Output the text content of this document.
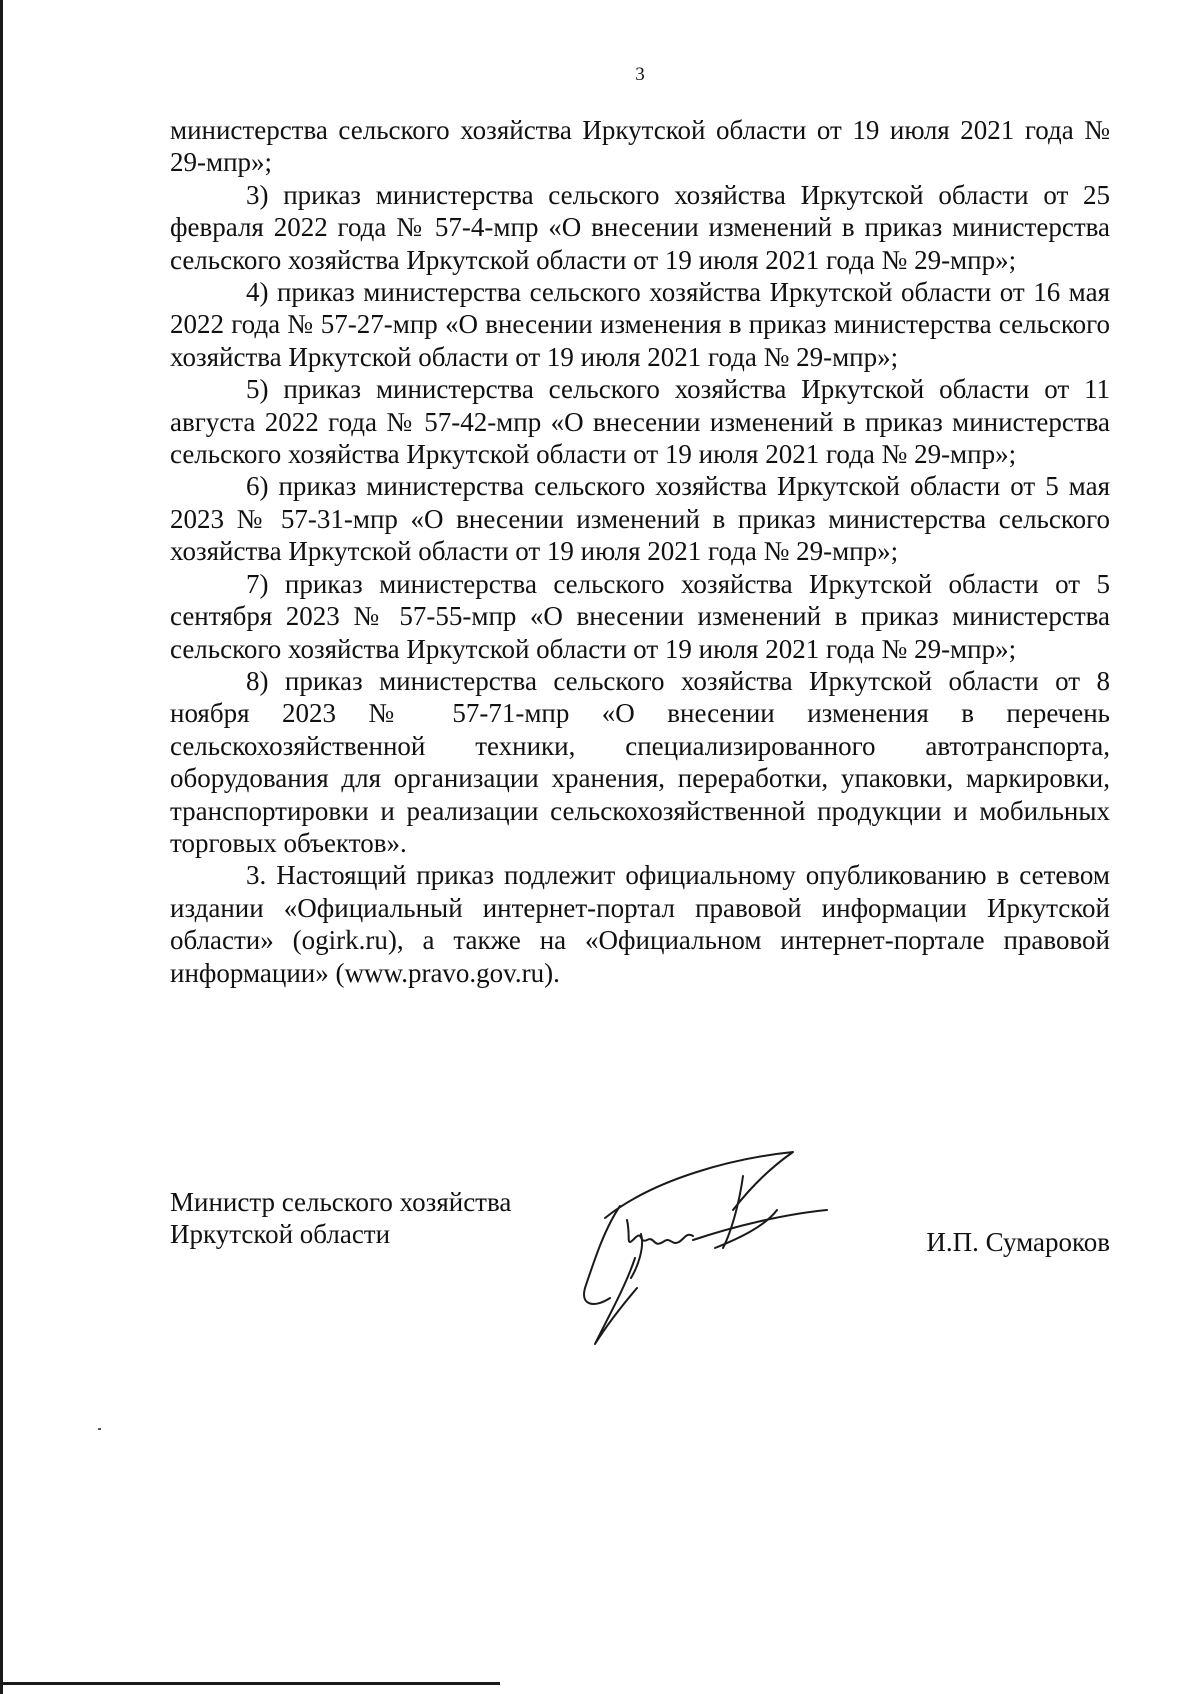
3

министерства сельского хозяйства Иркутской области от 19 июля 2021 года № 29-мпр»;

3) приказ министерства сельского хозяйства Иркутской области от 25 февраля 2022 года № 57-4-мпр «О внесении изменений в приказ министерства сельского хозяйства Иркутской области от 19 июля 2021 года № 29-мпр»;

4) приказ министерства сельского хозяйства Иркутской области от 16 мая 2022 года № 57-27-мпр «О внесении изменения в приказ министерства сельского хозяйства Иркутской области от 19 июля 2021 года № 29-мпр»;

5) приказ министерства сельского хозяйства Иркутской области от 11 августа 2022 года № 57-42-мпр «О внесении изменений в приказ министерства сельского хозяйства Иркутской области от 19 июля 2021 года № 29-мпр»;

6) приказ министерства сельского хозяйства Иркутской области от 5 мая 2023 № 57-31-мпр «О внесении изменений в приказ министерства сельского хозяйства Иркутской области от 19 июля 2021 года № 29-мпр»;

7) приказ министерства сельского хозяйства Иркутской области от 5 сентября 2023 № 57-55-мпр «О внесении изменений в приказ министерства сельского хозяйства Иркутской области от 19 июля 2021 года № 29-мпр»;

8) приказ министерства сельского хозяйства Иркутской области от 8 ноября 2023 № 57-71-мпр «О внесении изменения в перечень сельскохозяйственной техники, специализированного автотранспорта, оборудования для организации хранения, переработки, упаковки, маркировки, транспортировки и реализации сельскохозяйственной продукции и мобильных торговых объектов».

3. Настоящий приказ подлежит официальному опубликованию в сетевом издании «Официальный интернет-портал правовой информации Иркутской области» (ogirk.ru), а также на «Официальном интернет-портале правовой информации» (www.pravo.gov.ru).

Министр сельского хозяйства
Иркутской области	И.П. Сумароков
